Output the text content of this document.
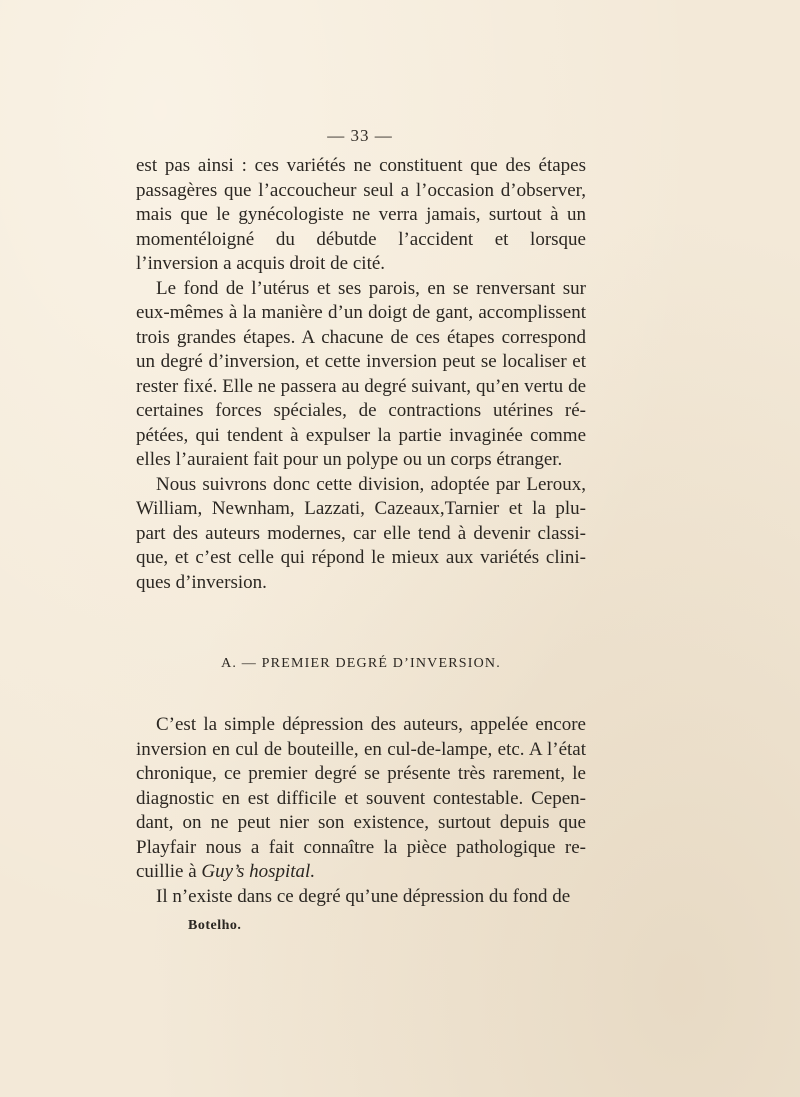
— 33 —

est pas ainsi : ces variétés ne constituent que des étapes passagères que l’accoucheur seul a l’occasion d’observer, mais que le gynécologiste ne verra jamais, surtout à un momentéloigné du débutde l’accident et lorsque l’inversion a acquis droit de cité.

Le fond de l’utérus et ses parois, en se renversant sur eux-mêmes à la manière d’un doigt de gant, accomplissent trois grandes étapes. A chacune de ces étapes correspond un degré d’inversion, et cette inversion peut se localiser et rester fixé. Elle ne passera au degré suivant, qu’en vertu de certaines forces spéciales, de contractions utérines ré-pétées, qui tendent à expulser la partie invaginée comme elles l’auraient fait pour un polype ou un corps étranger.

Nous suivrons donc cette division, adoptée par Leroux, William, Newnham, Lazzati, Cazeaux,Tarnier et la plu-part des auteurs modernes, car elle tend à devenir classi-que, et c’est celle qui répond le mieux aux variétés clini-ques d’inversion.

A. — PREMIER DEGRÉ D’INVERSION.

C’est la simple dépression des auteurs, appelée encore inversion en cul de bouteille, en cul-de-lampe, etc. A l’état chronique, ce premier degré se présente très rarement, le diagnostic en est difficile et souvent contestable. Cepen-dant, on ne peut nier son existence, surtout depuis que Playfair nous a fait connaître la pièce pathologique re-cuillie à Guy’s hospital.

Il n’existe dans ce degré qu’une dépression du fond de

Botelho.
